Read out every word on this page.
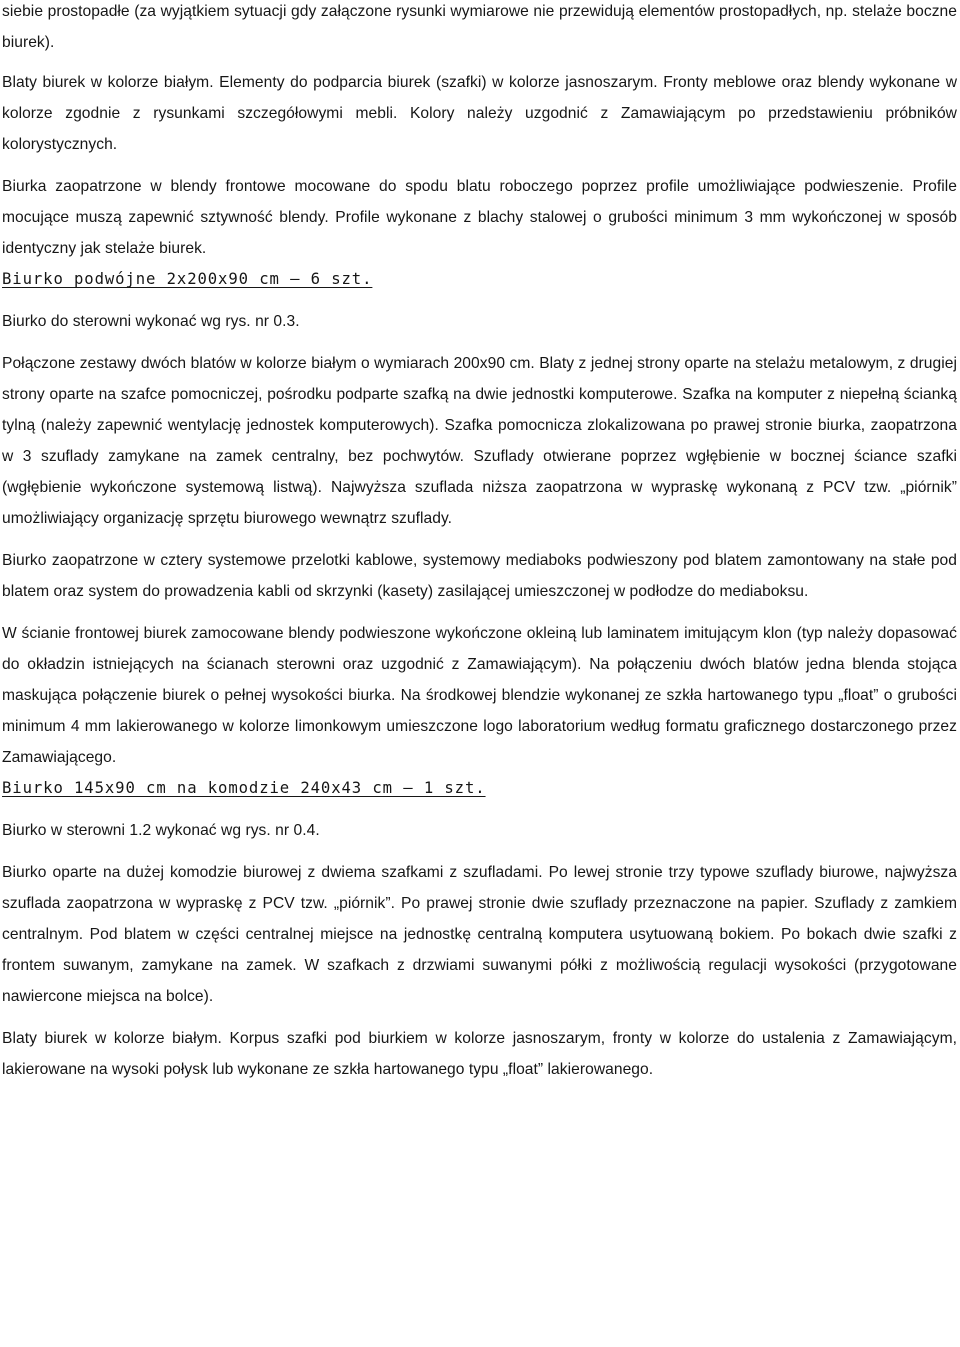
siebie prostopadłe (za wyjątkiem sytuacji gdy załączone rysunki wymiarowe nie przewidują elementów prostopadłych, np. stelaże boczne biurek).

Blaty biurek w kolorze białym. Elementy do podparcia biurek (szafki) w kolorze jasnoszarym. Fronty meblowe oraz blendy wykonane w kolorze zgodnie z rysunkami szczegółowymi mebli. Kolory należy uzgodnić z Zamawiającym po przedstawieniu próbników kolorystycznych.

Biurka zaopatrzone w blendy frontowe mocowane do spodu blatu roboczego poprzez profile umożliwiające podwieszenie. Profile mocujące muszą zapewnić sztywność blendy. Profile wykonane z blachy stalowej o grubości minimum 3 mm wykończonej w sposób identyczny jak stelaże biurek.

Biurko podwójne 2x200x90 cm – 6 szt.

Biurko do sterowni wykonać wg rys. nr 0.3.

Połączone zestawy dwóch blatów w kolorze białym o wymiarach 200x90 cm. Blaty z jednej strony oparte na stelażu metalowym, z drugiej strony oparte na szafce pomocniczej, pośrodku podparte szafką na dwie jednostki komputerowe. Szafka na komputer z niepełną ścianką tylną (należy zapewnić wentylację jednostek komputerowych). Szafka pomocnicza zlokalizowana po prawej stronie biurka, zaopatrzona w 3 szuflady zamykane na zamek centralny, bez pochwytów. Szuflady otwierane poprzez wgłębienie w bocznej ściance szafki (wgłębienie wykończone systemową listwą). Najwyższa szuflada niższa zaopatrzona w wypraskę wykonaną z PCV tzw. „piórnik” umożliwiający organizację sprzętu biurowego wewnątrz szuflady.

Biurko zaopatrzone w cztery systemowe przelotki kablowe, systemowy mediaboks podwieszony pod blatem zamontowany na stałe pod blatem oraz system do prowadzenia kabli od skrzynki (kasety) zasilającej umieszczonej w podłodze do mediaboksu.

W ścianie frontowej biurek zamocowane blendy podwieszone wykończone okleiną lub laminatem imitującym klon (typ należy dopasować do okładzin istniejących na ścianach sterowni oraz uzgodnić z Zamawiającym). Na połączeniu dwóch blatów jedna blenda stojąca maskująca połączenie biurek o pełnej wysokości biurka. Na środkowej blendzie wykonanej ze szkła hartowanego typu „float” o grubości minimum 4 mm lakierowanego w kolorze limonkowym umieszczone logo laboratorium według formatu graficznego dostarczonego przez Zamawiającego.

Biurko 145x90 cm na komodzie 240x43 cm – 1 szt.

Biurko w sterowni 1.2 wykonać wg rys. nr 0.4.

Biurko oparte na dużej komodzie biurowej z dwiema szafkami z szufladami. Po lewej stronie trzy typowe szuflady biurowe, najwyższa szuflada zaopatrzona w wypraskę z PCV tzw. „piórnik”. Po prawej stronie dwie szuflady przeznaczone na papier. Szuflady z zamkiem centralnym. Pod blatem w części centralnej miejsce na jednostkę centralną komputera usytuowaną bokiem. Po bokach dwie szafki z frontem suwanym, zamykane na zamek. W szafkach z drzwiami suwanymi półki z możliwością regulacji wysokości (przygotowane nawiercone miejsca na bolce).

Blaty biurek w kolorze białym. Korpus szafki pod biurkiem w kolorze jasnoszarym, fronty w kolorze do ustalenia z Zamawiającym, lakierowane na wysoki połysk lub wykonane ze szkła hartowanego typu „float” lakierowanego.
